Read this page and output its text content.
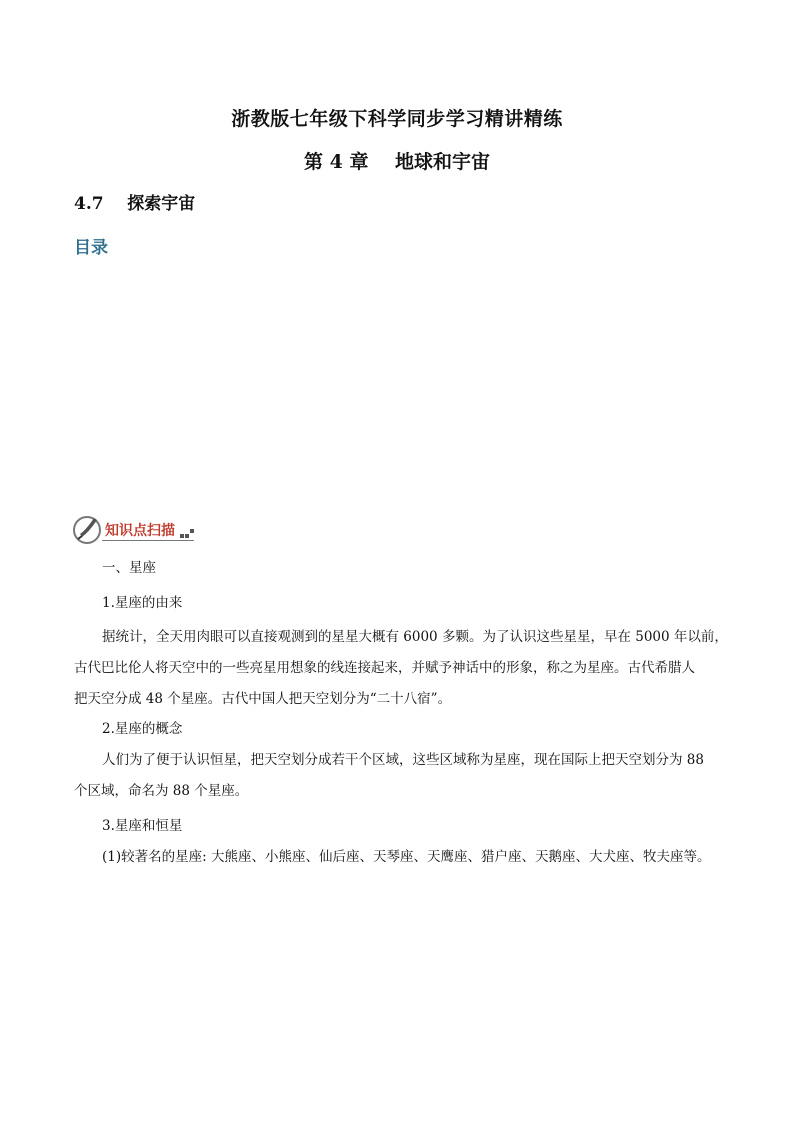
浙教版七年级下科学同步学习精讲精练
第 4 章    地球和宇宙
4.7    探索宇宙
目录
知识点扫描
一、星座
1.星座的由来
据统计，全天用肉眼可以直接观测到的星星大概有 6000 多颗。为了认识这些星星，早在 5000 年以前，
古代巴比伦人将天空中的一些亮星用想象的线连接起来，并赋予神话中的形象，称之为星座。古代希腊人
把天空分成 48 个星座。古代中国人把天空划分为“二十八宿”。
2.星座的概念
人们为了便于认识恒星，把天空划分成若干个区域，这些区域称为星座，现在国际上把天空划分为 88
个区域，命名为 88 个星座。
3.星座和恒星
(1)较著名的星座: 大熊座、小熊座、仙后座、天琴座、天鹰座、猎户座、天鹅座、大犬座、牧夫座等。
